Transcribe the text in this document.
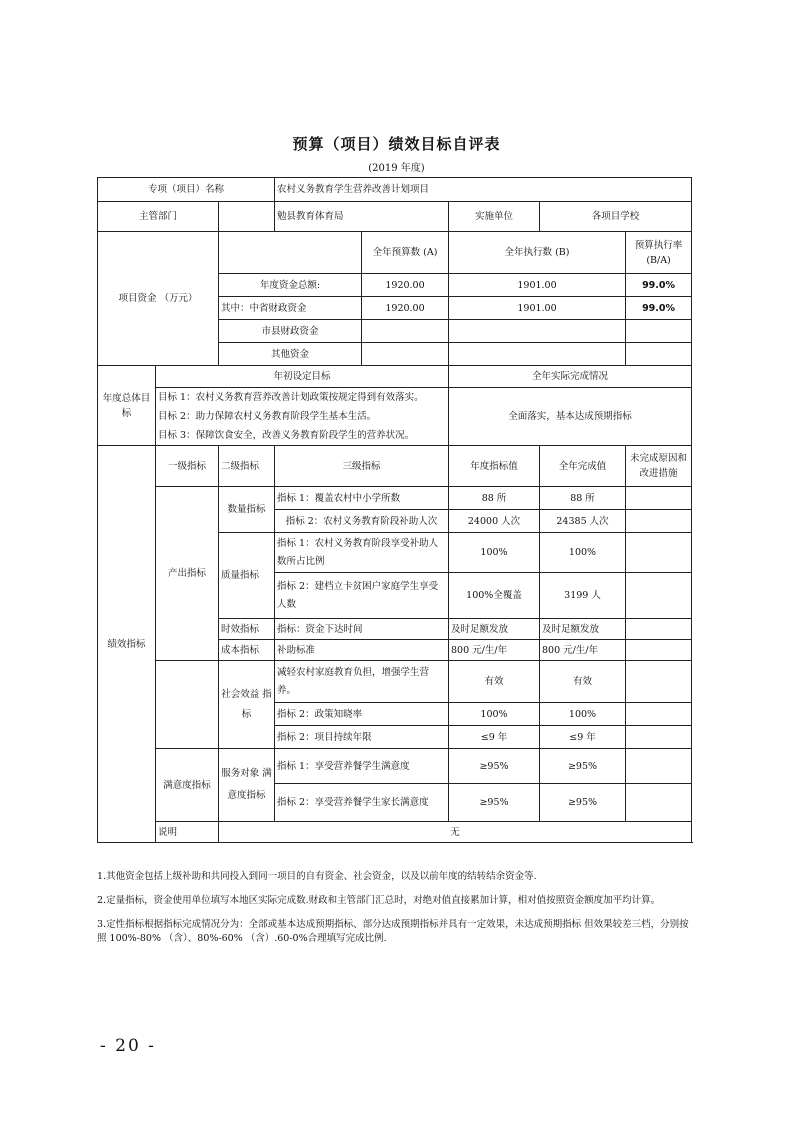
预算（项目）绩效目标自评表
(2019 年度)
专项（项目）名称			农村义务教育学生营养改善计划项目				
主管部门			勉县教育体育局		实施单位	各项目学校	
项目资金 （万元）				全年预算数 (A)	全年执行数 (B)		预算执行率 (B/A)
		年度资金总额:		1920.00	1901.00		99.0%
		其中：中省财政资金		1920.00	1901.00		99.0%
		市县财政资金					
		其他资金					
年度总体目标	年初设定目标				全年实际完成情况		

	目标 1：农村义务教育营养改善计划政策按规定得到有效落实。
目标 2：助力保障农村义务教育阶段学生基本生活。
目标 3：保障饮食安全，改善义务教育阶段学生的营养状况。				全面落实，基本达成预期指标		
绩效指标	一级指标	二级指标	三级指标		年度指标值	全年完成值	未完成原因和改进措施
	产出指标	数量指标	指标 1：覆盖农村中小学所数		88 所	88 所	
			指标 2：农村义务教育阶段补助人次		24000 人次	24385 人次	
		质量指标	指标 1：农村义务教育阶段享受补助人数所占比例		100%	100%	
			指标 2：建档立卡贫困户家庭学生享受人数		100%全覆盖	3199 人	
		时效指标	指标：资金下达时间		及时足额发放	及时足额发放	
		成本指标	补助标准		800 元/生/年	800 元/生/年	
		社会效益 指标	减轻农村家庭教育负担，增强学生营养。		有效	有效	
			指标 2：政策知晓率		100%	100%	
			指标 2：项目持续年限		≤9 年	≤9 年	
	满意度指标	服务对象 满意度指标	指标 1：享受营养餐学生满意度		≥95%	≥95%	
			指标 2：享受营养餐学生家长满意度		≥95%	≥95%	
	说明	无					

1.其他资金包括上级补助和共同投入到同一项目的自有资金、社会资金，以及以前年度的结转结余资金等.

2.定量指标，资金使用单位填写本地区实际完成数.财政和主管部门汇总时，对绝对值直接累加计算，相对值按照资金额度加平均计算。

3.定性指标根据指标完成情况分为：全部或基本达成预期指标、部分达成预期指标并具有一定效果，未达成预期指标 但效果较差三档，分别按照 100%-80% （含）、80%-60% （含）.60-0%合理填写完成比例.

- 20 -
